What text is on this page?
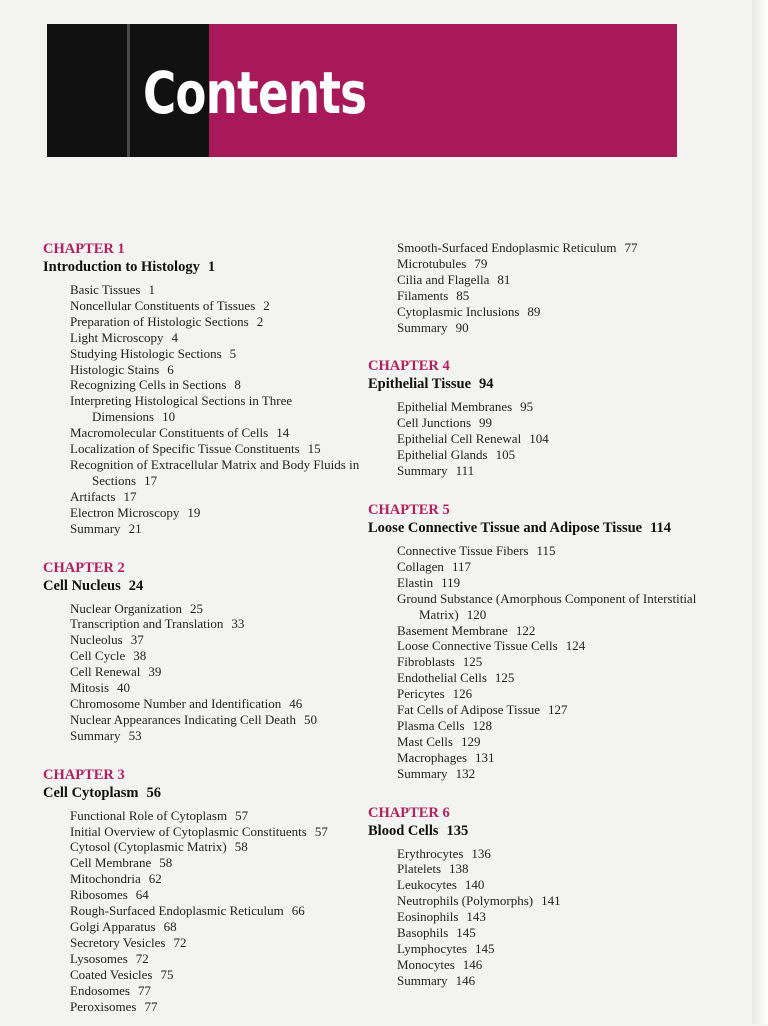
Contents

CHAPTER 1

Introduction to Histology 1

Basic Tissues 1
Noncellular Constituents of Tissues 2
Preparation of Histologic Sections 2
Light Microscopy 4
Studying Histologic Sections 5
Histologic Stains 6
Recognizing Cells in Sections 8
Interpreting Histological Sections in Three Dimensions 10
Macromolecular Constituents of Cells 14
Localization of Specific Tissue Constituents 15
Recognition of Extracellular Matrix and Body Fluids in Sections 17
Artifacts 17
Electron Microscopy 19
Summary 21

CHAPTER 2

Cell Nucleus 24

Nuclear Organization 25
Transcription and Translation 33
Nucleolus 37
Cell Cycle 38
Cell Renewal 39
Mitosis 40
Chromosome Number and Identification 46
Nuclear Appearances Indicating Cell Death 50
Summary 53

CHAPTER 3

Cell Cytoplasm 56

Functional Role of Cytoplasm 57
Initial Overview of Cytoplasmic Constituents 57
Cytosol (Cytoplasmic Matrix) 58
Cell Membrane 58
Mitochondria 62
Ribosomes 64
Rough-Surfaced Endoplasmic Reticulum 66
Golgi Apparatus 68
Secretory Vesicles 72
Lysosomes 72
Coated Vesicles 75
Endosomes 77
Peroxisomes 77
Smooth-Surfaced Endoplasmic Reticulum 77
Microtubules 79
Cilia and Flagella 81
Filaments 85
Cytoplasmic Inclusions 89
Summary 90

CHAPTER 4

Epithelial Tissue 94

Epithelial Membranes 95
Cell Junctions 99
Epithelial Cell Renewal 104
Epithelial Glands 105
Summary 111

CHAPTER 5

Loose Connective Tissue and Adipose Tissue 114

Connective Tissue Fibers 115
Collagen 117
Elastin 119
Ground Substance (Amorphous Component of Interstitial Matrix) 120
Basement Membrane 122
Loose Connective Tissue Cells 124
Fibroblasts 125
Endothelial Cells 125
Pericytes 126
Fat Cells of Adipose Tissue 127
Plasma Cells 128
Mast Cells 129
Macrophages 131
Summary 132

CHAPTER 6

Blood Cells 135

Erythrocytes 136
Platelets 138
Leukocytes 140
Neutrophils (Polymorphs) 141
Eosinophils 143
Basophils 145
Lymphocytes 145
Monocytes 146
Summary 146
